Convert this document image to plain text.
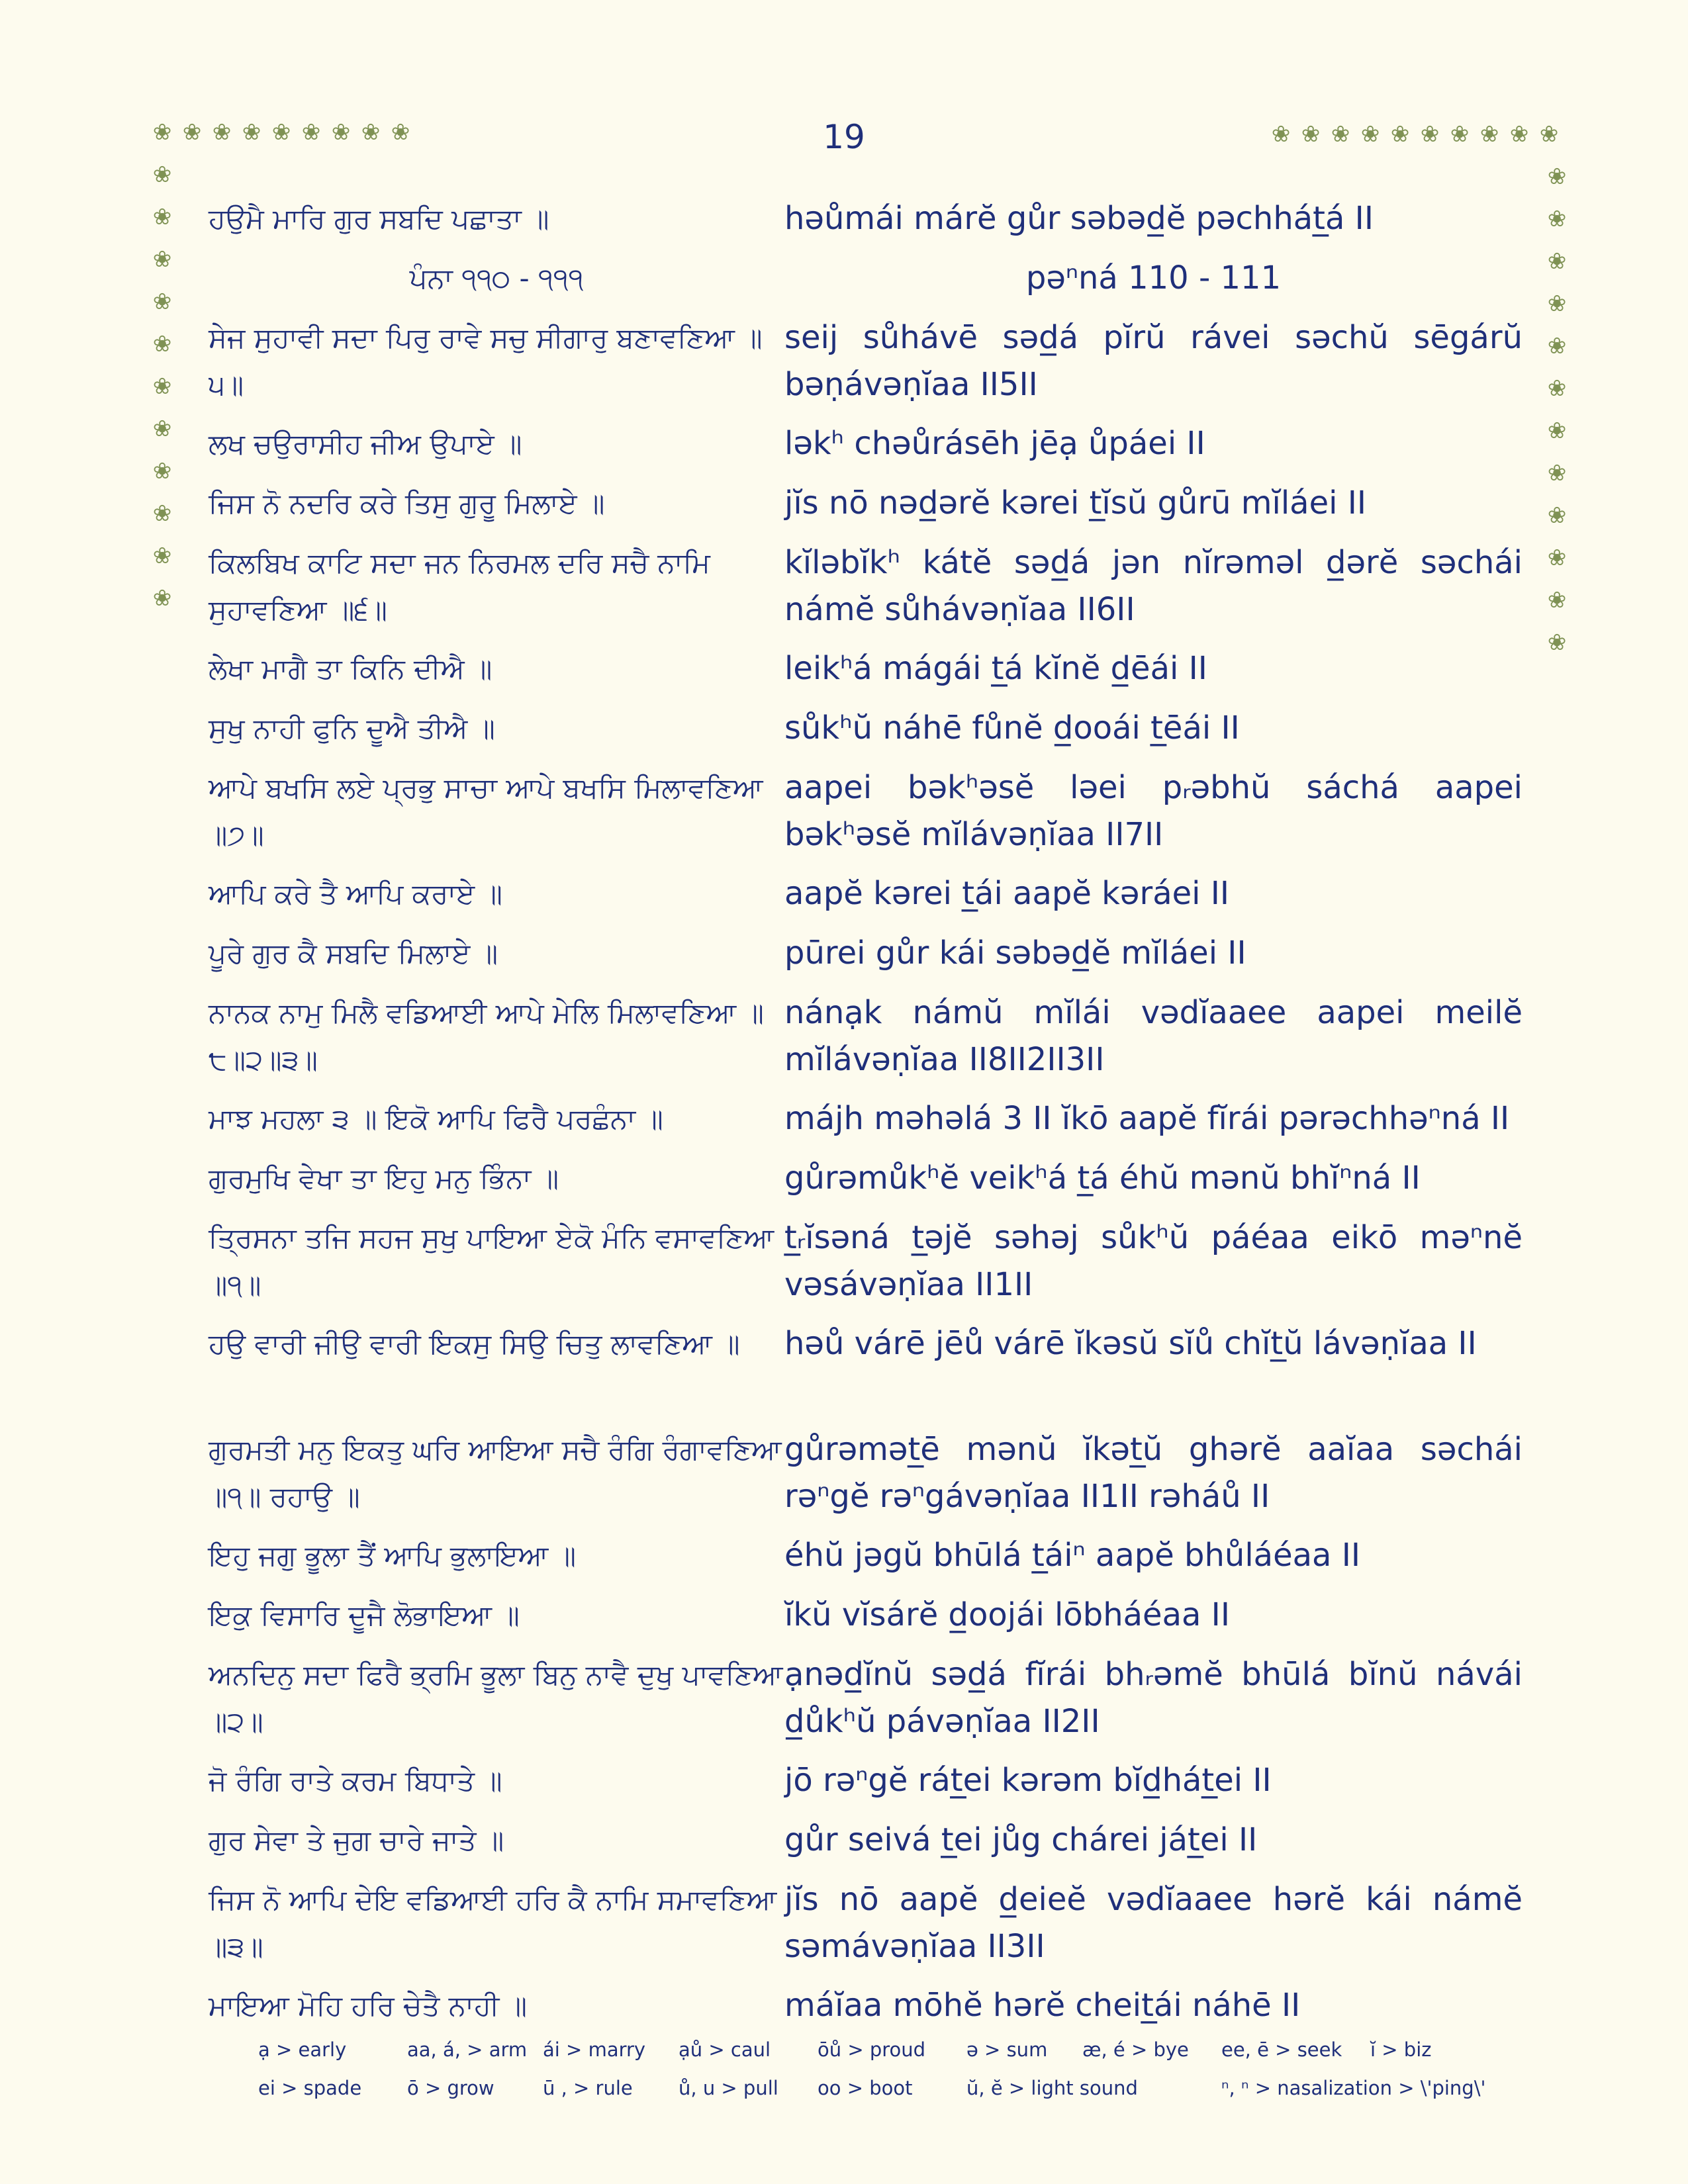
19
❀ ❀ ❀ ❀ ❀ ❀ ❀ ❀ ❀
❀
❀
❀
❀
❀
❀
❀
❀
❀
❀
❀
❀ ❀ ❀ ❀ ❀ ❀ ❀ ❀ ❀ ❀
❀
❀
❀
❀
❀
❀
❀
❀
❀
❀
❀
❀
ਹਉਮੈ ਮਾਰਿ ਗੁਰ ਸਬਦਿ ਪਛਾਤਾ ॥	həůmái márĕ gůr səbəd̲ĕ pəchhát̲á II
ਪੰਨਾ ੧੧੦ - ੧੧੧	pəⁿná 110 - 111
ਸੇਜ ਸੁਹਾਵੀ ਸਦਾ ਪਿਰੁ ਰਾਵੇ ਸਚੁ ਸੀਗਾਰੁ ਬਣਾਵਣਿਆ ॥੫॥
seij sůhávē səd̲á pĭrŭ rávei səchŭ sēgárŭ bəṇávəṇĭaa II5II
ਲਖ ਚਉਰਾਸੀਹ ਜੀਅ ਉਪਾਏ ॥	ləkʰ chəůrásēh jēạ ůpáei II
ਜਿਸ ਨੋ ਨਦਰਿ ਕਰੇ ਤਿਸੁ ਗੁਰੂ ਮਿਲਾਏ ॥	jĭs nō nəd̲ərĕ kərei t̲ĭsŭ gůrū mĭláei II
ਕਿਲਬਿਖ ਕਾਟਿ ਸਦਾ ਜਨ ਨਿਰਮਲ ਦਰਿ ਸਚੈ ਨਾਮਿ ਸੁਹਾਵਣਿਆ ॥੬॥
kĭləbĭkʰ kátĕ səd̲á jən nĭrəməl d̲ərĕ səchái námĕ sůhávəṇĭaa II6II
ਲੇਖਾ ਮਾਗੈ ਤਾ ਕਿਨਿ ਦੀਐ ॥	leikʰá mágái t̲á kĭnĕ d̲ēái II
ਸੁਖੁ ਨਾਹੀ ਫੁਨਿ ਦੂਐ ਤੀਐ ॥	sůkʰŭ náhē fůnĕ d̲ooái t̲ēái II
ਆਪੇ ਬਖਸਿ ਲਏ ਪ੍ਰਭੁ ਸਾਚਾ ਆਪੇ ਬਖਸਿ ਮਿਲਾਵਣਿਆ ॥੭॥
aapei bəkʰəsĕ ləei pᵣəbhŭ sáchá aapei bəkʰəsĕ mĭlávəṇĭaa II7II
ਆਪਿ ਕਰੇ ਤੈ ਆਪਿ ਕਰਾਏ ॥	aapĕ kərei t̲ái aapĕ kəráei II
ਪੂਰੇ ਗੁਰ ਕੈ ਸਬਦਿ ਮਿਲਾਏ ॥	pūrei gůr kái səbəd̲ĕ mĭláei II
ਨਾਨਕ ਨਾਮੁ ਮਿਲੈ ਵਡਿਆਈ ਆਪੇ ਮੇਲਿ ਮਿਲਾਵਣਿਆ ॥੮॥੨॥੩॥
nánạk námŭ mĭlái vədĭaaee aapei meilĕ mĭlávəṇĭaa II8II2II3II
ਮਾਝ ਮਹਲਾ ੩ ॥ ਇਕੋ ਆਪਿ ਫਿਰੈ ਪਰਛੰਨਾ ॥	májh məhəlá 3 II ĭkō aapĕ fĭrái pərəchhəⁿná II
ਗੁਰਮੁਖਿ ਵੇਖਾ ਤਾ ਇਹੁ ਮਨੁ ਭਿੰਨਾ ॥	gůrəmůkʰĕ veikʰá t̲á éhŭ mənŭ bhĭⁿná II
ਤ੍ਰਿਸਨਾ ਤਜਿ ਸਹਜ ਸੁਖੁ ਪਾਇਆ ਏਕੋ ਮੰਨਿ ਵਸਾਵਣਿਆ ॥੧॥
t̲ᵣĭsəná t̲əjĕ səhəj sůkʰŭ páéaa eikō məⁿnĕ vəsávəṇĭaa II1II
ਹਉ ਵਾਰੀ ਜੀਉ ਵਾਰੀ ਇਕਸੁ ਸਿਉ ਚਿਤੁ ਲਾਵਣਿਆ ॥	həů várē jēů várē ĭkəsŭ sĭů chĭt̲ŭ lávəṇĭaa II
ਗੁਰਮਤੀ ਮਨੁ ਇਕਤੁ ਘਰਿ ਆਇਆ ਸਚੈ ਰੰਗਿ ਰੰਗਾਵਣਿਆ ॥੧॥ ਰਹਾਉ ॥
gůrəmət̲ē mənŭ ĭkət̲ŭ ghərĕ aaĭaa səchái rəⁿgĕ rəⁿgávəṇĭaa II1II rəháů II
ਇਹੁ ਜਗੁ ਭੂਲਾ ਤੈਂ ਆਪਿ ਭੁਲਾਇਆ ॥	éhŭ jəgŭ bhūlá t̲áiⁿ aapĕ bhůláéaa II
ਇਕੁ ਵਿਸਾਰਿ ਦੂਜੈ ਲੋਭਾਇਆ ॥	ĭkŭ vĭsárĕ d̲oojái lōbháéaa II
ਅਨਦਿਨੁ ਸਦਾ ਫਿਰੈ ਭ੍ਰਮਿ ਭੂਲਾ ਬਿਨੁ ਨਾਵੈ ਦੁਖੁ ਪਾਵਣਿਆ ॥੨॥
ạnəd̲ĭnŭ səd̲á fĭrái bhᵣəmĕ bhūlá bĭnŭ návái d̲ůkʰŭ pávəṇĭaa II2II
ਜੋ ਰੰਗਿ ਰਾਤੇ ਕਰਮ ਬਿਧਾਤੇ ॥	jō rəⁿgĕ rát̲ei kərəm bĭd̲hát̲ei II
ਗੁਰ ਸੇਵਾ ਤੇ ਜੁਗ ਚਾਰੇ ਜਾਤੇ ॥	gůr seivá t̲ei jůg chárei ját̲ei II
ਜਿਸ ਨੋ ਆਪਿ ਦੇਇ ਵਡਿਆਈ ਹਰਿ ਕੈ ਨਾਮਿ ਸਮਾਵਣਿਆ ॥੩॥
jĭs nō aapĕ d̲eieĕ vədĭaaee hərĕ kái námĕ səmávəṇĭaa II3II
ਮਾਇਆ ਮੋਹਿ ਹਰਿ ਚੇਤੈ ਨਾਹੀ ॥	máĭaa mōhĕ hərĕ cheit̲ái náhē II
ạ > early	aa, á, > arm ái > marry	ạů > caul	ōů > proud	ə > sum	æ, é > bye	ee, ē > seek	ĭ > biz
ei > spade	ō > grow	ū , > rule	ů, u > pull	oo > boot	ŭ, ĕ > light sound	ⁿ, ⁿ > nasalization > \'ping\'
